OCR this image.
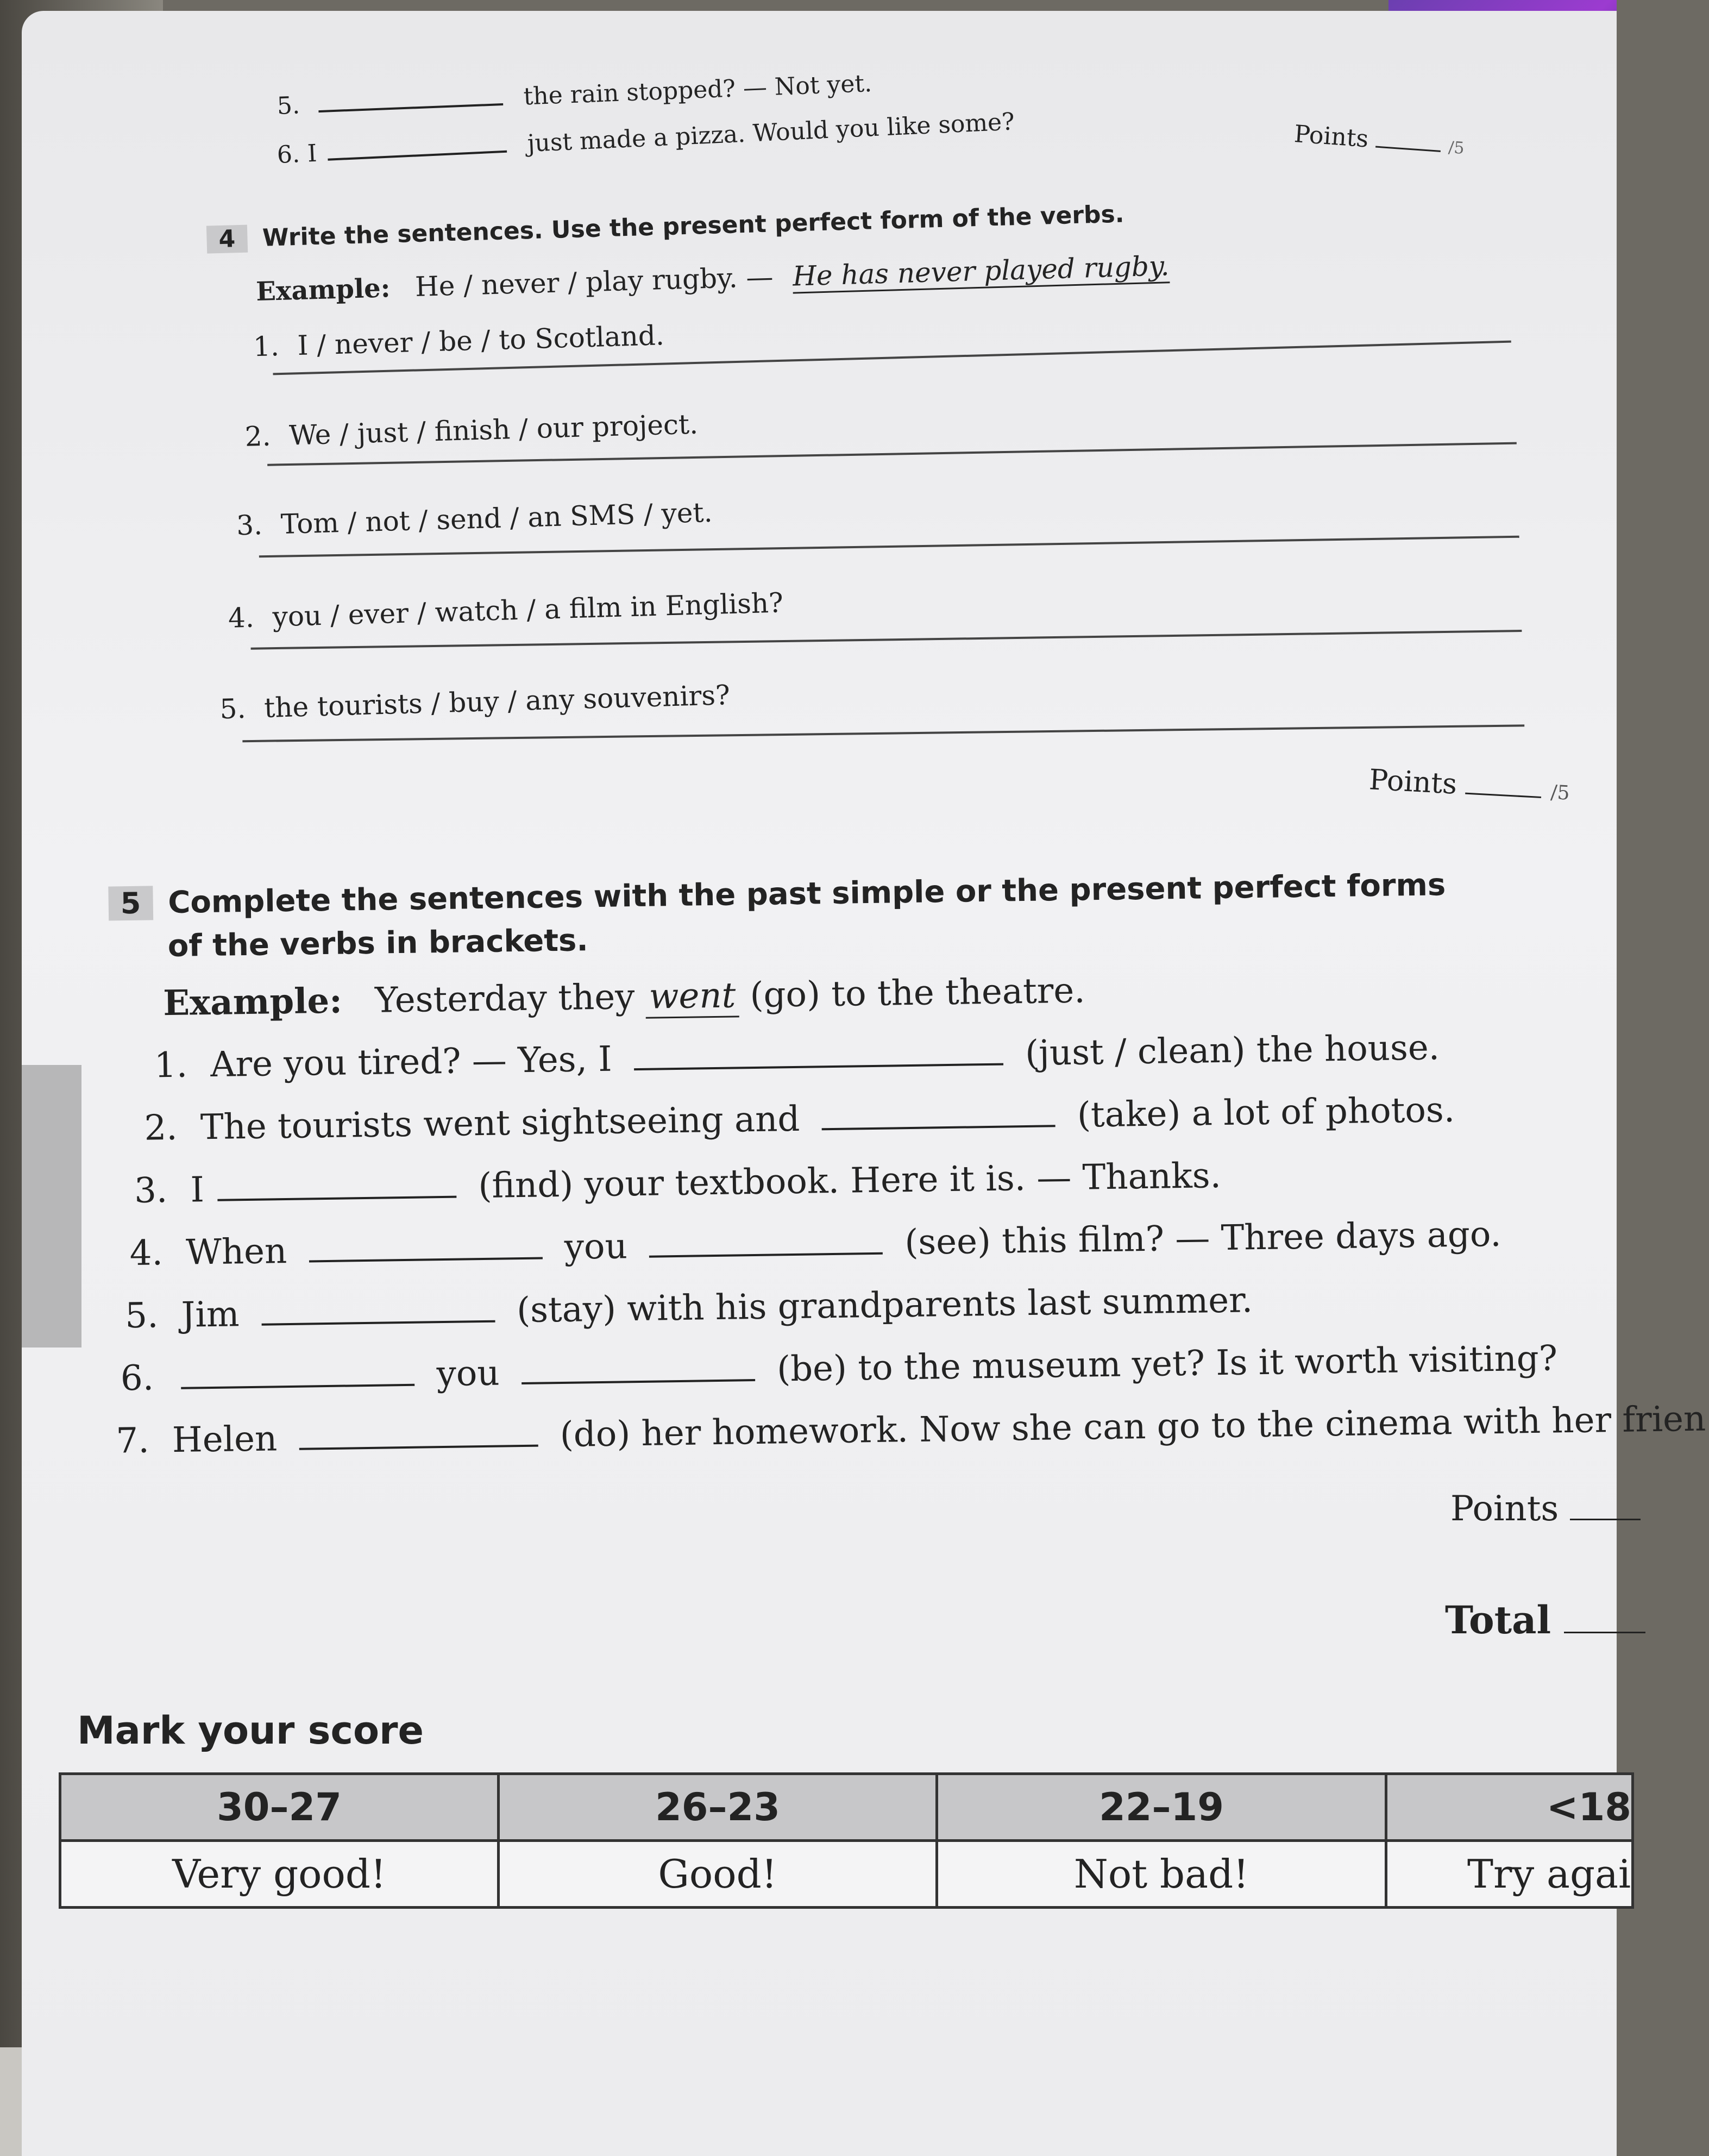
5.	the rain stopped? — Not yet.
6. I	just made a pizza. Would you like some?	Points	/5
4 Write the sentences. Use the present perfect form of the verbs.
Example: He / never / play rugby. — He has never played rugby.
1. I / never / be / to Scotland.
2. We / just / finish / our project.
3. Tom / not / send / an SMS / yet.
4. you / ever / watch / a film in English?
5. the tourists / buy / any souvenirs?
Points	/5
5 Complete the sentences with the past simple or the present perfect forms
of the verbs in brackets.
Example: Yesterday they went (go) to the theatre.
1. Are you tired? — Yes, I	(just / clean) the house.
2. The tourists went sightseeing and	(take) a lot of photos.
3. I	(find) your textbook. Here it is. — Thanks.
4. When	you	(see) this film? — Three days ago.
5. Jim	(stay) with his grandparents last summer.
6.	you	(be) to the museum yet? Is it worth visiting?
7. Helen	(do) her homework. Now she can go to the cinema with her frien
Points
Total
Mark your score
30–27	26–23	22–19	<18
Very good!	Good!	Not bad!	Try agai
